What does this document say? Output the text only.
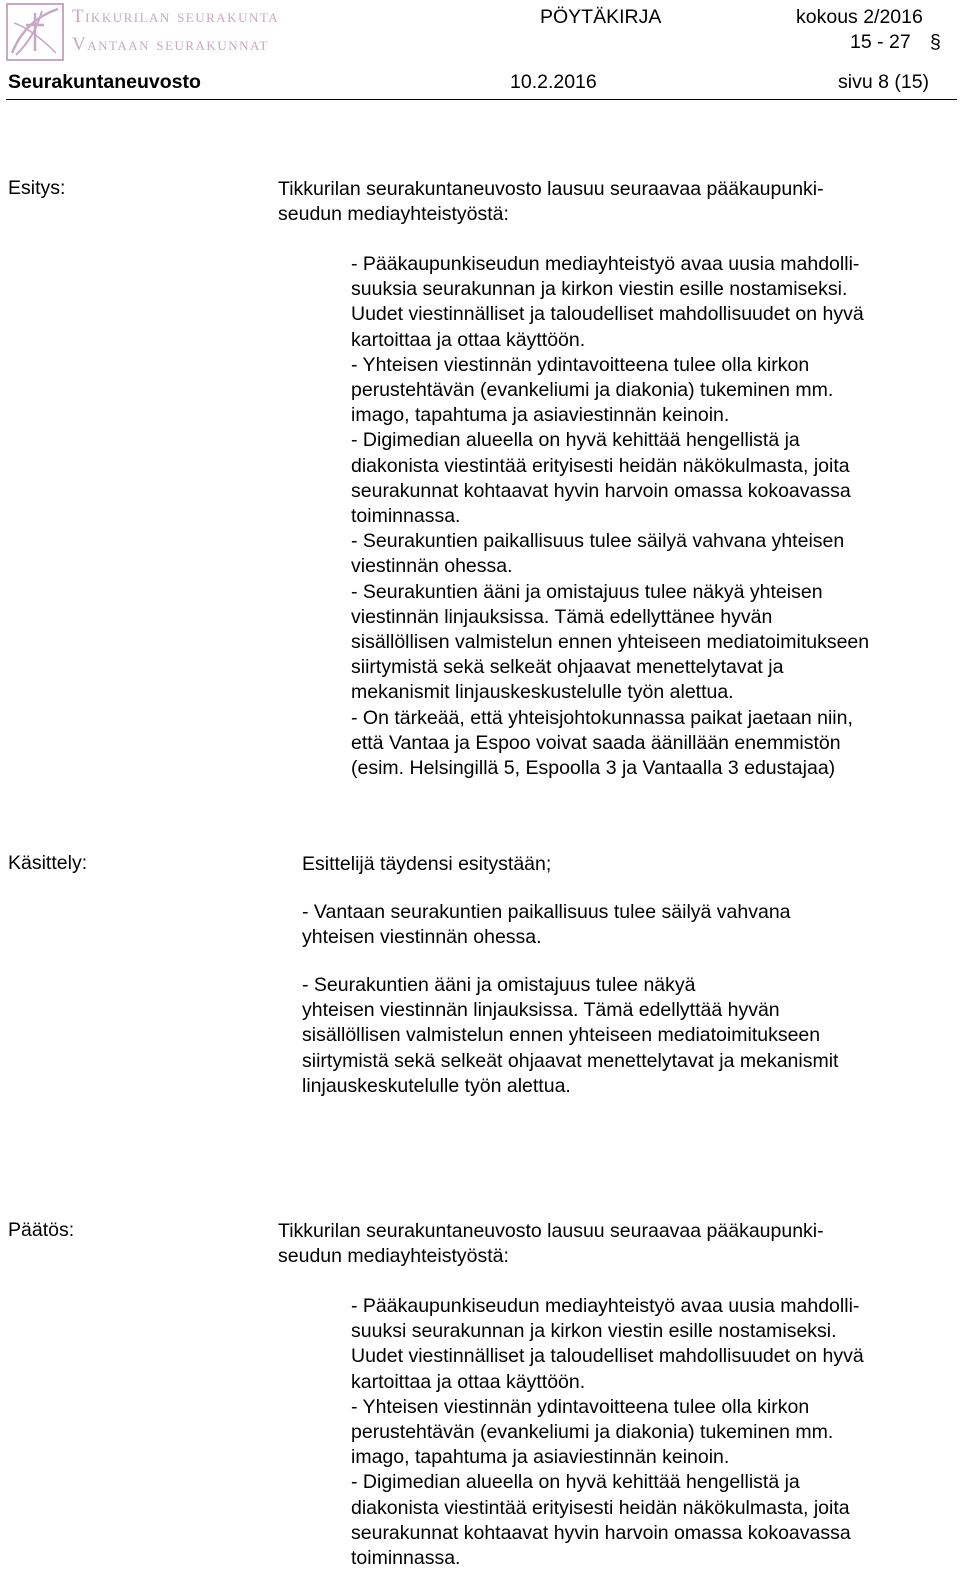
Tikkurilan seurakunta
Vantaan seurakunnat
PÖYTÄKIRJA	kokous 2/2016
15 - 27 §
Seurakuntaneuvosto	10.2.2016	sivu 8 (15)
Esitys:	Tikkurilan seurakuntaneuvosto lausuu seuraavaa pääkaupunki-
seudun mediayhteistyöstä:
- Pääkaupunkiseudun mediayhteistyö avaa uusia mahdolli-
suuksia seurakunnan ja kirkon viestin esille nostamiseksi.
Uudet viestinnälliset ja taloudelliset mahdollisuudet on hyvä
kartoittaa ja ottaa käyttöön.
- Yhteisen viestinnän ydintavoitteena tulee olla kirkon
perustehtävän (evankeliumi ja diakonia) tukeminen mm.
imago, tapahtuma ja asiaviestinnän keinoin.
- Digimedian alueella on hyvä kehittää hengellistä ja
diakonista viestintää erityisesti heidän näkökulmasta, joita
seurakunnat kohtaavat hyvin harvoin omassa kokoavassa
toiminnassa.
- Seurakuntien paikallisuus tulee säilyä vahvana yhteisen
viestinnän ohessa.
- Seurakuntien ääni ja omistajuus tulee näkyä yhteisen
viestinnän linjauksissa. Tämä edellyttänee hyvän
sisällöllisen valmistelun ennen yhteiseen mediatoimitukseen
siirtymistä sekä selkeät ohjaavat menettelytavat ja
mekanismit linjauskeskustelulle työn alettua.
- On tärkeää, että yhteisjohtokunnassa paikat jaetaan niin,
että Vantaa ja Espoo voivat saada äänillään enemmistön
(esim. Helsingillä 5, Espoolla 3 ja Vantaalla 3 edustajaa)
Käsittely:	Esittelijä täydensi esitystään;
- Vantaan seurakuntien paikallisuus tulee säilyä vahvana
yhteisen viestinnän ohessa.
- Seurakuntien ääni ja omistajuus tulee näkyä
yhteisen viestinnän linjauksissa. Tämä edellyttää hyvän
sisällöllisen valmistelun ennen yhteiseen mediatoimitukseen
siirtymistä sekä selkeät ohjaavat menettelytavat ja mekanismit
linjauskeskutelulle työn alettua.
Päätös:	Tikkurilan seurakuntaneuvosto lausuu seuraavaa pääkaupunki-
seudun mediayhteistyöstä:
- Pääkaupunkiseudun mediayhteistyö avaa uusia mahdolli-
suuksi seurakunnan ja kirkon viestin esille nostamiseksi.
Uudet viestinnälliset ja taloudelliset mahdollisuudet on hyvä
kartoittaa ja ottaa käyttöön.
- Yhteisen viestinnän ydintavoitteena tulee olla kirkon
perustehtävän (evankeliumi ja diakonia) tukeminen mm.
imago, tapahtuma ja asiaviestinnän keinoin.
- Digimedian alueella on hyvä kehittää hengellistä ja
diakonista viestintää erityisesti heidän näkökulmasta, joita
seurakunnat kohtaavat hyvin harvoin omassa kokoavassa
toiminnassa.
